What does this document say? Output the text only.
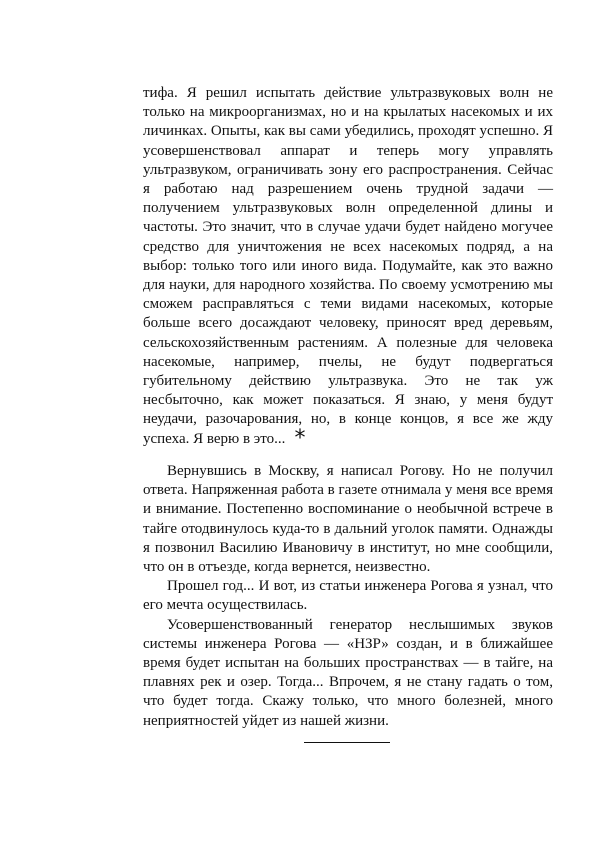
тифа. Я решил испытать действие ультразвуковых волн не только на микроорганизмах, но и на крылатых насекомых и их личинках. Опыты, как вы сами убедились, проходят успешно. Я усовершенствовал аппарат и теперь могу управлять ультразвуком, ограничивать зону его распространения. Сейчас я работаю над разрешением очень трудной задачи — получением ультразвуковых волн определенной длины и частоты. Это значит, что в случае удачи будет найдено могучее средство для уничтожения не всех насекомых подряд, а на выбор: только того или иного вида. Подумайте, как это важно для науки, для народного хозяйства. По своему усмотрению мы сможем расправляться с теми видами насекомых, которые больше всего досаждают человеку, приносят вред деревьям, сельскохозяйственным растениям. А полезные для человека насекомые, например, пчелы, не будут подвергаться губительному действию ультразвука. Это не так уж несбыточно, как может показаться. Я знаю, у меня будут неудачи, разочарования, но, в конце концов, я все же жду успеха. Я верю в это... *

Вернувшись в Москву, я написал Рогову. Но не получил ответа. Напряженная работа в газете отнимала у меня все время и внимание. Постепенно воспоминание о необычной встрече в тайге отодвинулось куда-то в дальний уголок памяти. Однажды я позвонил Василию Ивановичу в институт, но мне сообщили, что он в отъезде, когда вернется, неизвестно.

Прошел год... И вот, из статьи инженера Рогова я узнал, что его мечта осуществилась.

Усовершенствованный генератор неслышимых звуков системы инженера Рогова — «НЗР» создан, и в ближайшее время будет испытан на больших пространствах — в тайге, на плавнях рек и озер. Тогда... Впрочем, я не стану гадать о том, что будет тогда. Скажу только, что много болезней, много неприятностей уйдет из нашей жизни.
